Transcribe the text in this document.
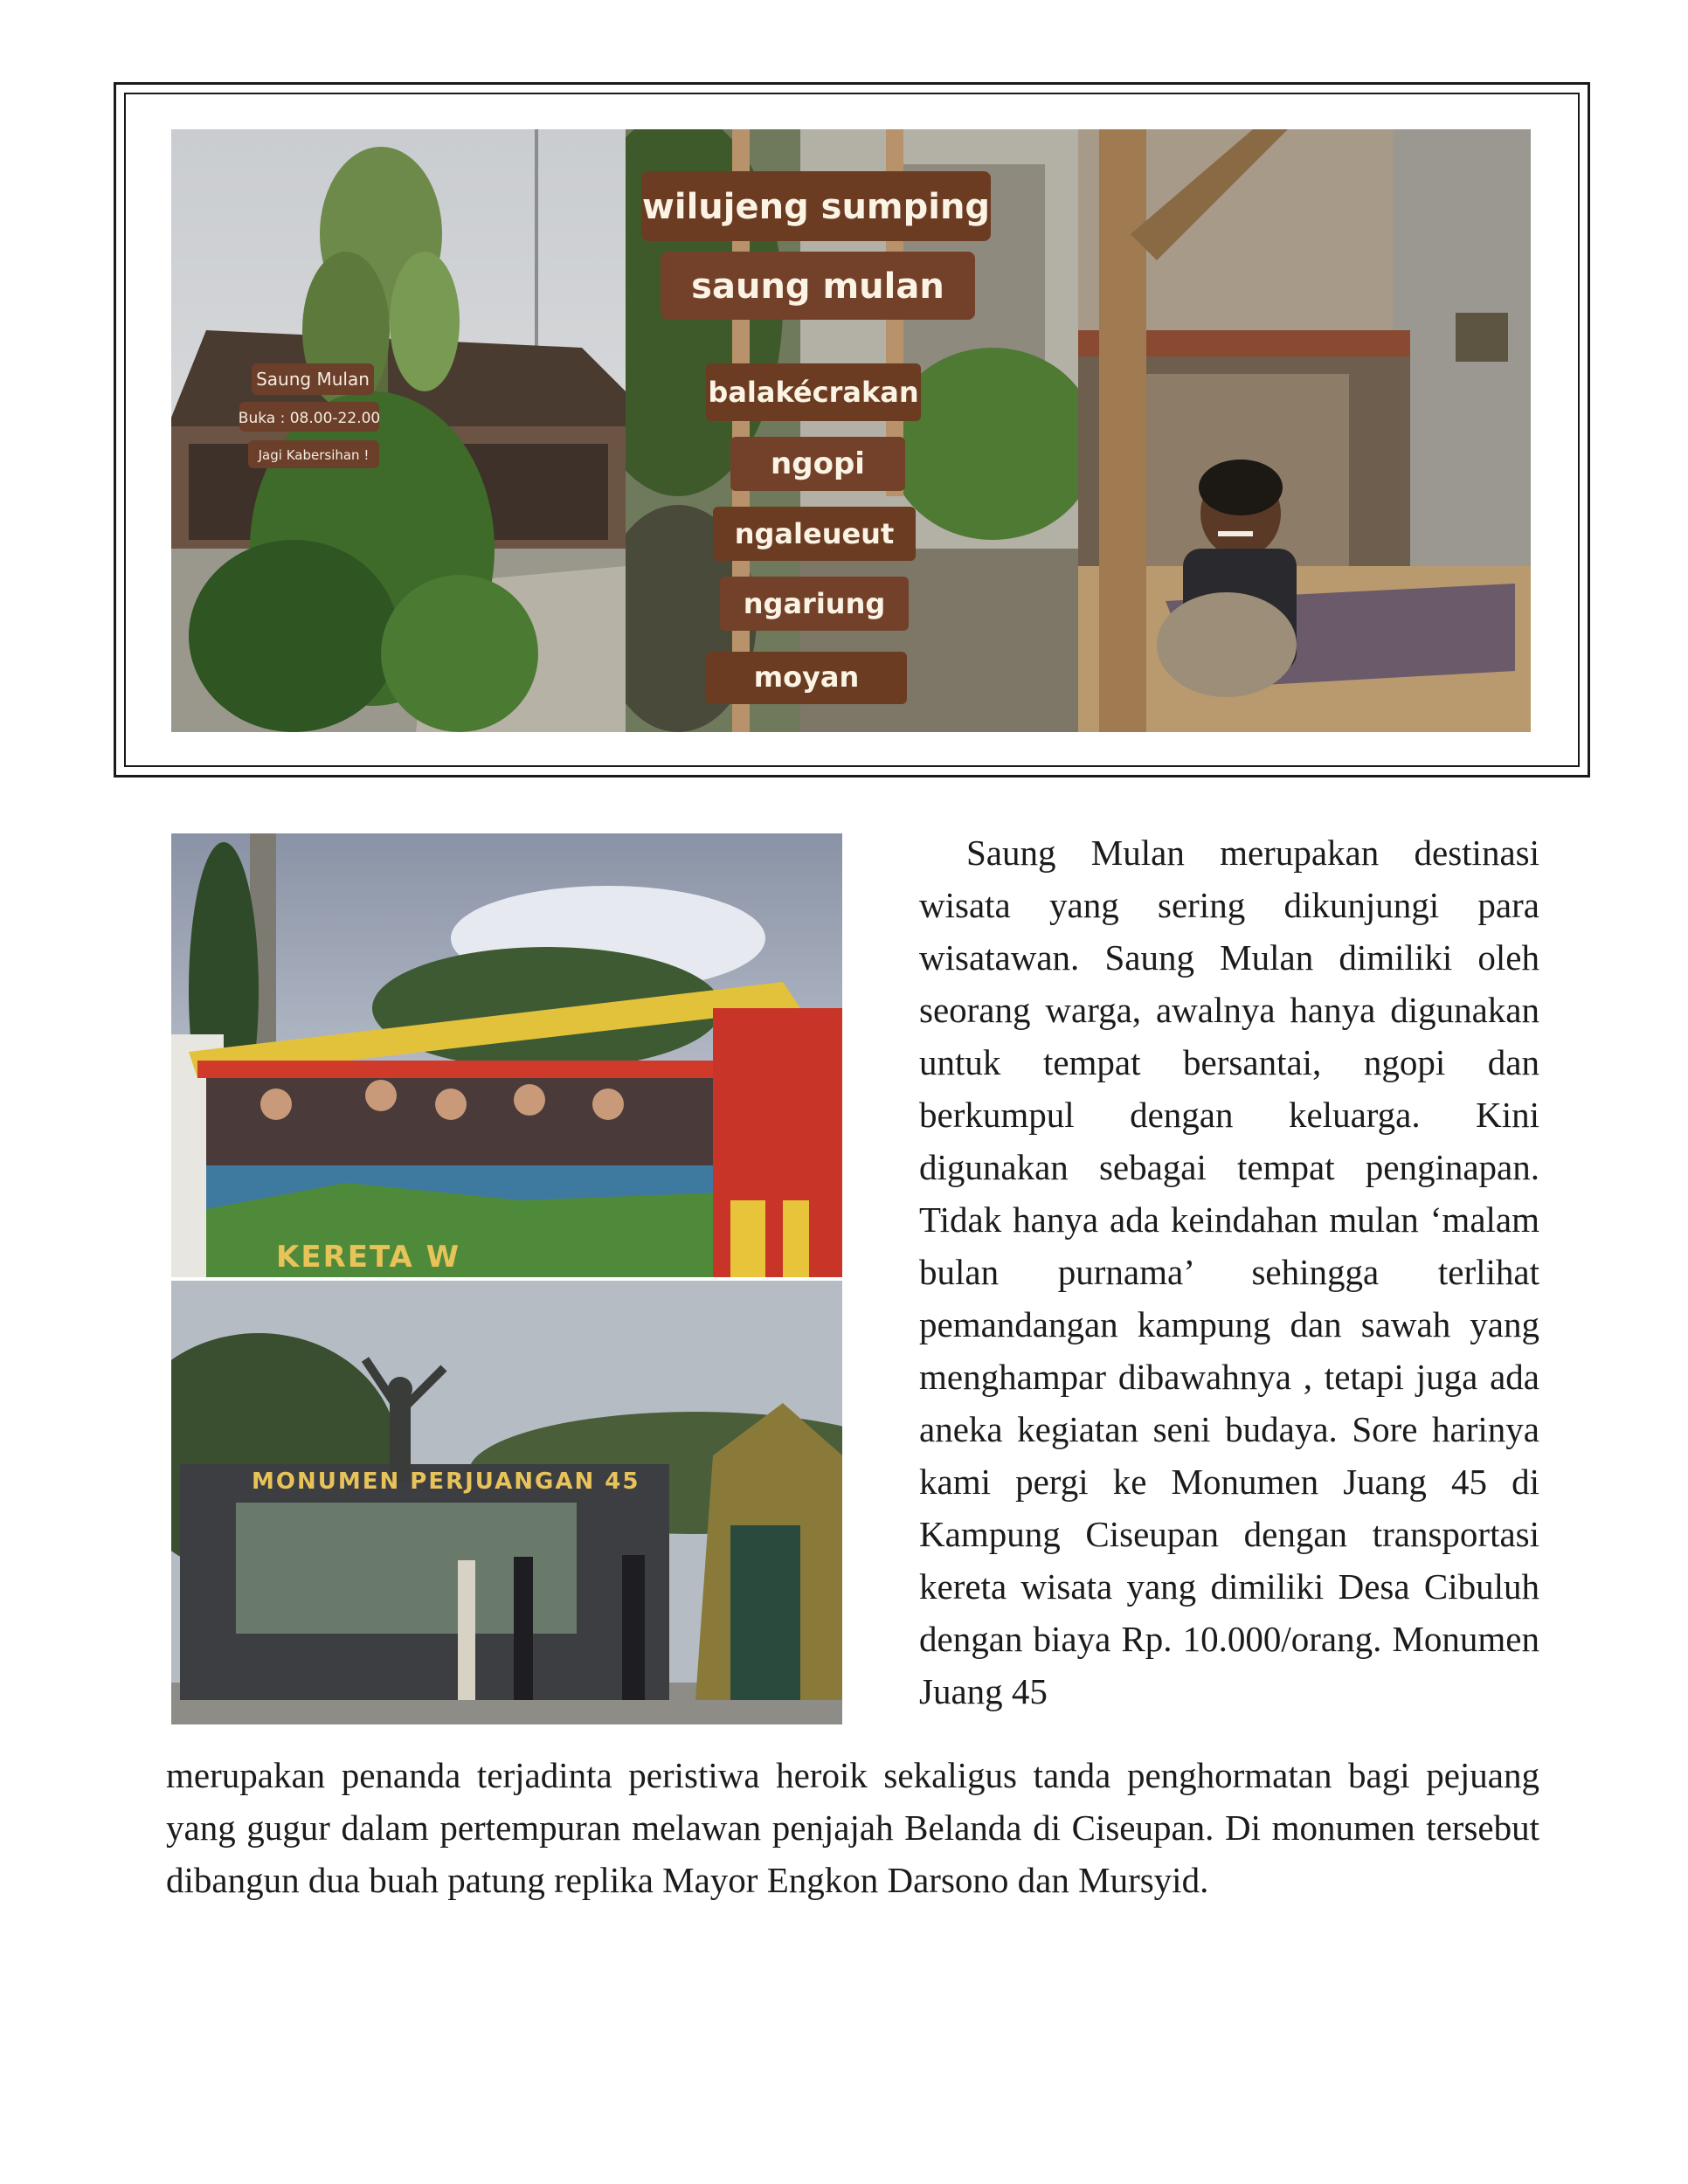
Saung Mulan
Buka : 08.00-22.00
Jagi Kabersihan !
wilujeng sumping
saung mulan
balakécrakan
ngopi
ngaleueut
ngariung
moyan
KERETA W
MONUMEN PERJUANGAN 45

Saung Mulan merupakan destinasi wisata yang sering dikunjungi para wisatawan. Saung Mulan dimiliki oleh seorang warga, awalnya hanya digunakan untuk tempat bersantai, ngopi dan berkumpul dengan keluarga. Kini digunakan sebagai tempat penginapan. Tidak hanya ada keindahan mulan ‘malam bulan purnama’ sehingga terlihat pemandangan kampung dan sawah yang menghampar dibawahnya , tetapi juga ada aneka kegiatan seni budaya. Sore harinya kami pergi ke Monumen Juang 45 di Kampung Ciseupan dengan transportasi kereta wisata yang dimiliki Desa Cibuluh dengan biaya Rp. 10.000/orang. Monumen Juang 45

merupakan penanda terjadinta peristiwa heroik sekaligus tanda penghormatan bagi pejuang yang gugur dalam pertempuran melawan penjajah Belanda di Ciseupan. Di monumen tersebut dibangun dua buah patung replika Mayor Engkon Darsono dan Mursyid.
